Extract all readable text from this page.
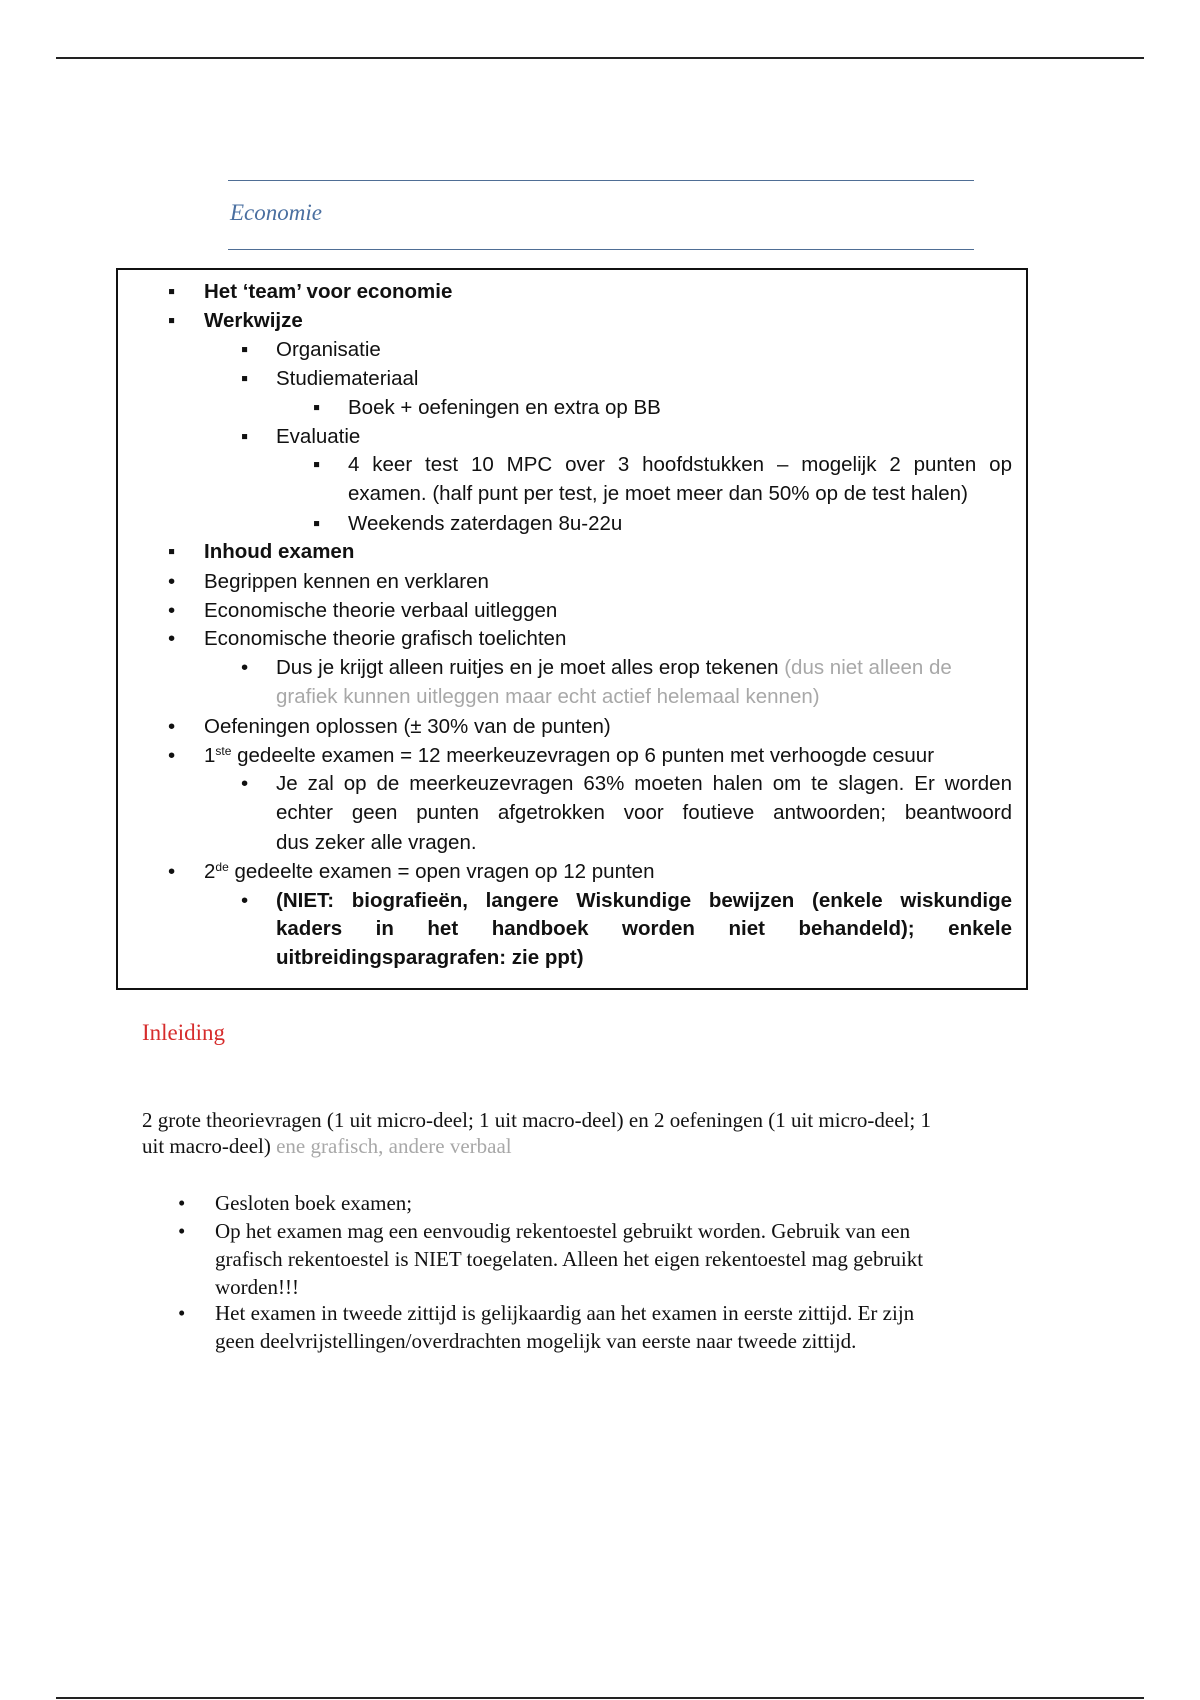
Economie
▪ Het ‘team’ voor economie
▪ Werkwijze
▪ Organisatie
▪ Studiemateriaal
▪ Boek + oefeningen en extra op BB
▪ Evaluatie
▪ 4 keer test 10 MPC over 3 hoofdstukken – mogelijk 2 punten op
examen. (half punt per test, je moet meer dan 50% op de test halen)
▪ Weekends zaterdagen 8u-22u
▪ Inhoud examen
• Begrippen kennen en verklaren
• Economische theorie verbaal uitleggen
• Economische theorie grafisch toelichten
• Dus je krijgt alleen ruitjes en je moet alles erop tekenen (dus niet alleen de
grafiek kunnen uitleggen maar echt actief helemaal kennen)
• Oefeningen oplossen (± 30% van de punten)
• 1ste gedeelte examen = 12 meerkeuzevragen op 6 punten met verhoogde cesuur
• Je zal op de meerkeuzevragen 63% moeten halen om te slagen. Er worden
echter geen punten afgetrokken voor foutieve antwoorden; beantwoord
dus zeker alle vragen.
• 2de gedeelte examen = open vragen op 12 punten
• (NIET: biografieën, langere Wiskundige bewijzen (enkele wiskundige
kaders in het handboek worden niet behandeld); enkele
uitbreidingsparagrafen: zie ppt)
Inleiding
2 grote theorievragen (1 uit micro-deel; 1 uit macro-deel) en 2 oefeningen (1 uit micro-deel; 1
uit macro-deel) ene grafisch, andere verbaal
• Gesloten boek examen;
• Op het examen mag een eenvoudig rekentoestel gebruikt worden. Gebruik van een
grafisch rekentoestel is NIET toegelaten. Alleen het eigen rekentoestel mag gebruikt
worden!!!
• Het examen in tweede zittijd is gelijkaardig aan het examen in eerste zittijd. Er zijn
geen deelvrijstellingen/overdrachten mogelijk van eerste naar tweede zittijd.
